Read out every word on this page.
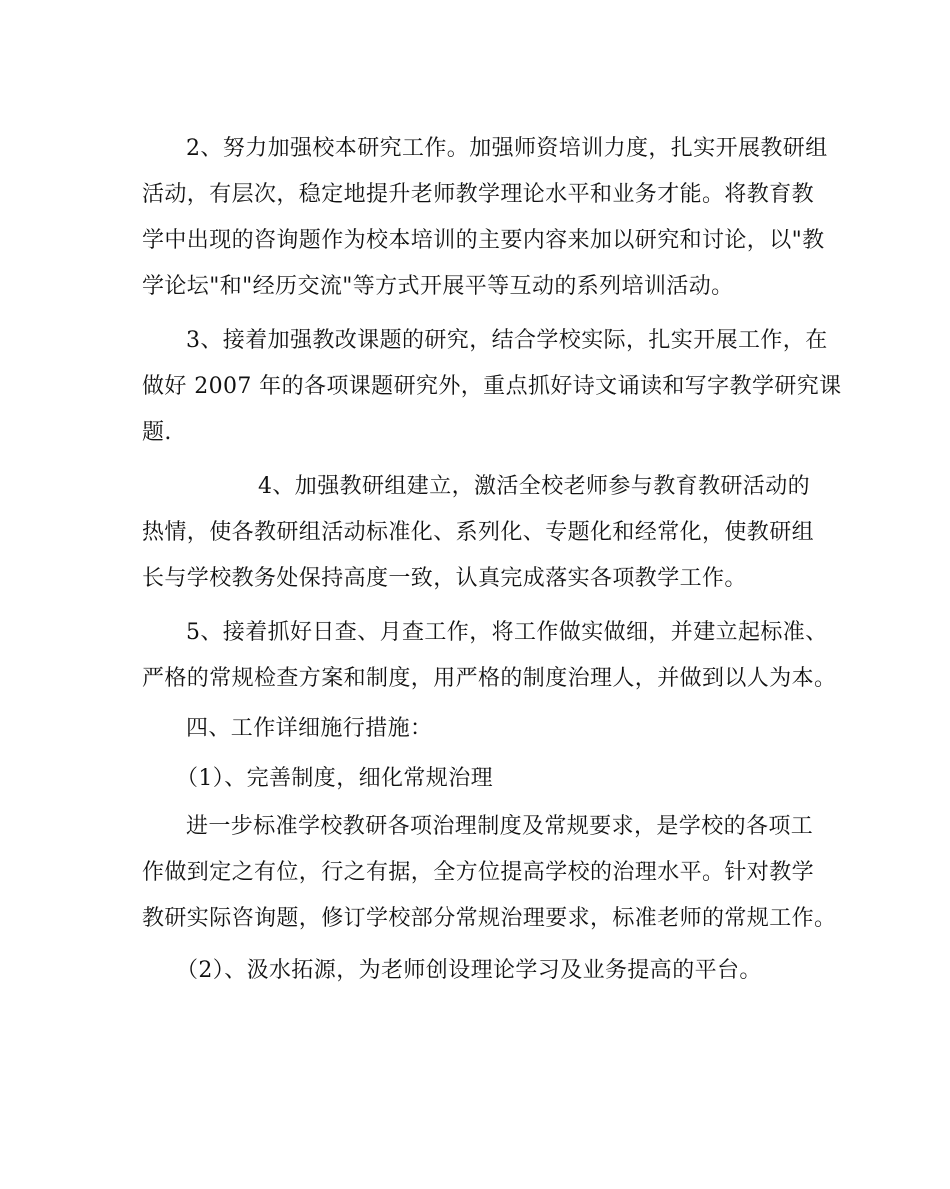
2、努力加强校本研究工作。加强师资培训力度，扎实开展教研组
活动，有层次，稳定地提升老师教学理论水平和业务才能。将教育教
学中出现的咨询题作为校本培训的主要内容来加以研究和讨论，以"教
学论坛"和"经历交流"等方式开展平等互动的系列培训活动。
3、接着加强教改课题的研究，结合学校实际，扎实开展工作，在
做好 2007 年的各项课题研究外，重点抓好诗文诵读和写字教学研究课
题.
4、加强教研组建立，激活全校老师参与教育教研活动的
热情，使各教研组活动标准化、系列化、专题化和经常化，使教研组
长与学校教务处保持高度一致，认真完成落实各项教学工作。
5、接着抓好日查、月查工作，将工作做实做细，并建立起标准、
严格的常规检查方案和制度，用严格的制度治理人，并做到以人为本。
四、工作详细施行措施：
（1）、完善制度，细化常规治理
进一步标准学校教研各项治理制度及常规要求，是学校的各项工
作做到定之有位，行之有据，全方位提高学校的治理水平。针对教学
教研实际咨询题，修订学校部分常规治理要求，标准老师的常规工作。
（2）、汲水拓源，为老师创设理论学习及业务提高的平台。
